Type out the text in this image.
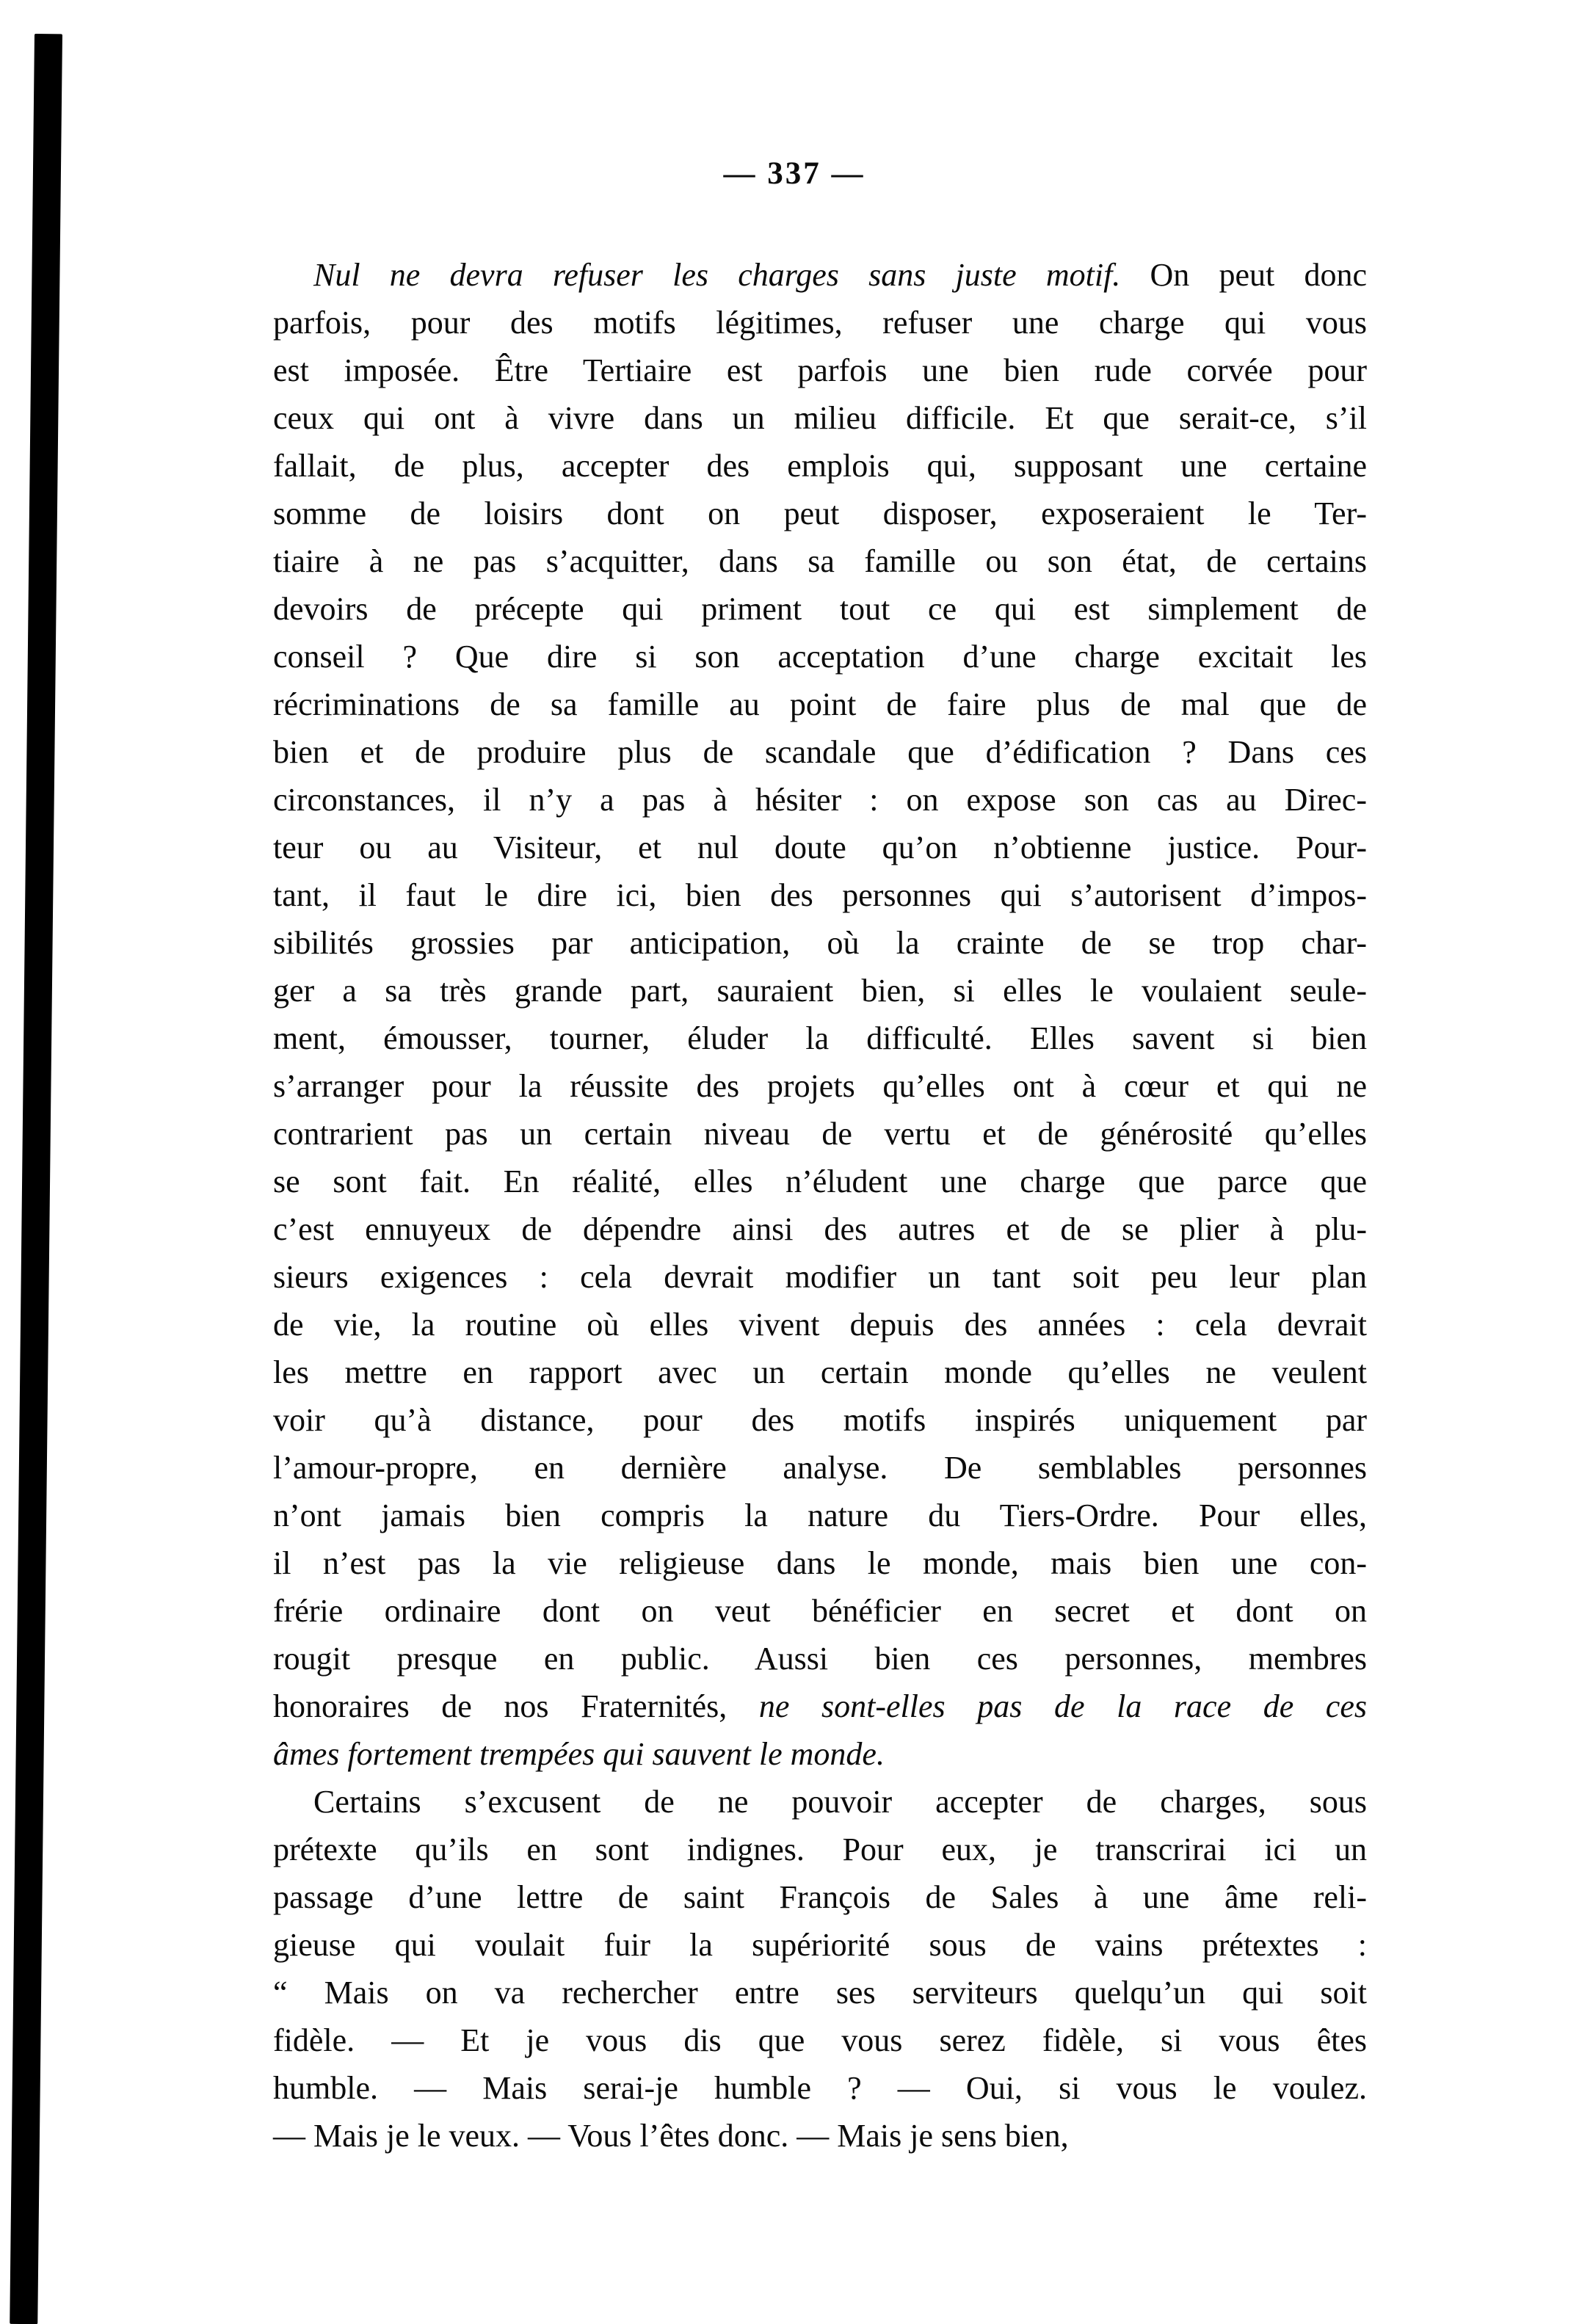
— 337 —
Nul ne devra refuser les charges sans juste motif. On peut donc
parfois, pour des motifs légitimes, refuser une charge qui vous
est imposée. Être Tertiaire est parfois une bien rude corvée pour
ceux qui ont à vivre dans un milieu difficile. Et que serait-ce, s’il
fallait, de plus, accepter des emplois qui, supposant une certaine
somme de loisirs dont on peut disposer, exposeraient le Ter-
tiaire à ne pas s’acquitter, dans sa famille ou son état, de certains
devoirs de précepte qui priment tout ce qui est simplement de
conseil ? Que dire si son acceptation d’une charge excitait les
récriminations de sa famille au point de faire plus de mal que de
bien et de produire plus de scandale que d’édification ? Dans ces
circonstances, il n’y a pas à hésiter : on expose son cas au Direc-
teur ou au Visiteur, et nul doute qu’on n’obtienne justice. Pour-
tant, il faut le dire ici, bien des personnes qui s’autorisent d’impos-
sibilités grossies par anticipation, où la crainte de se trop char-
ger a sa très grande part, sauraient bien, si elles le voulaient seule-
ment, émousser, tourner, éluder la difficulté. Elles savent si bien
s’arranger pour la réussite des projets qu’elles ont à cœur et qui ne
contrarient pas un certain niveau de vertu et de générosité qu’elles
se sont fait. En réalité, elles n’éludent une charge que parce que
c’est ennuyeux de dépendre ainsi des autres et de se plier à plu-
sieurs exigences : cela devrait modifier un tant soit peu leur plan
de vie, la routine où elles vivent depuis des années : cela devrait
les mettre en rapport avec un certain monde qu’elles ne veulent
voir qu’à distance, pour des motifs inspirés uniquement par
l’amour-propre, en dernière analyse. De semblables personnes
n’ont jamais bien compris la nature du Tiers-Ordre. Pour elles,
il n’est pas la vie religieuse dans le monde, mais bien une con-
frérie ordinaire dont on veut bénéficier en secret et dont on
rougit presque en public. Aussi bien ces personnes, membres
honoraires de nos Fraternités, ne sont-elles pas de la race de ces
âmes fortement trempées qui sauvent le monde.
Certains s’excusent de ne pouvoir accepter de charges, sous
prétexte qu’ils en sont indignes. Pour eux, je transcrirai ici un
passage d’une lettre de saint François de Sales à une âme reli-
gieuse qui voulait fuir la supériorité sous de vains prétextes :
“ Mais on va rechercher entre ses serviteurs quelqu’un qui soit
fidèle. — Et je vous dis que vous serez fidèle, si vous êtes
humble. — Mais serai-je humble ? — Oui, si vous le voulez.
— Mais je le veux. — Vous l’êtes donc. — Mais je sens bien,
